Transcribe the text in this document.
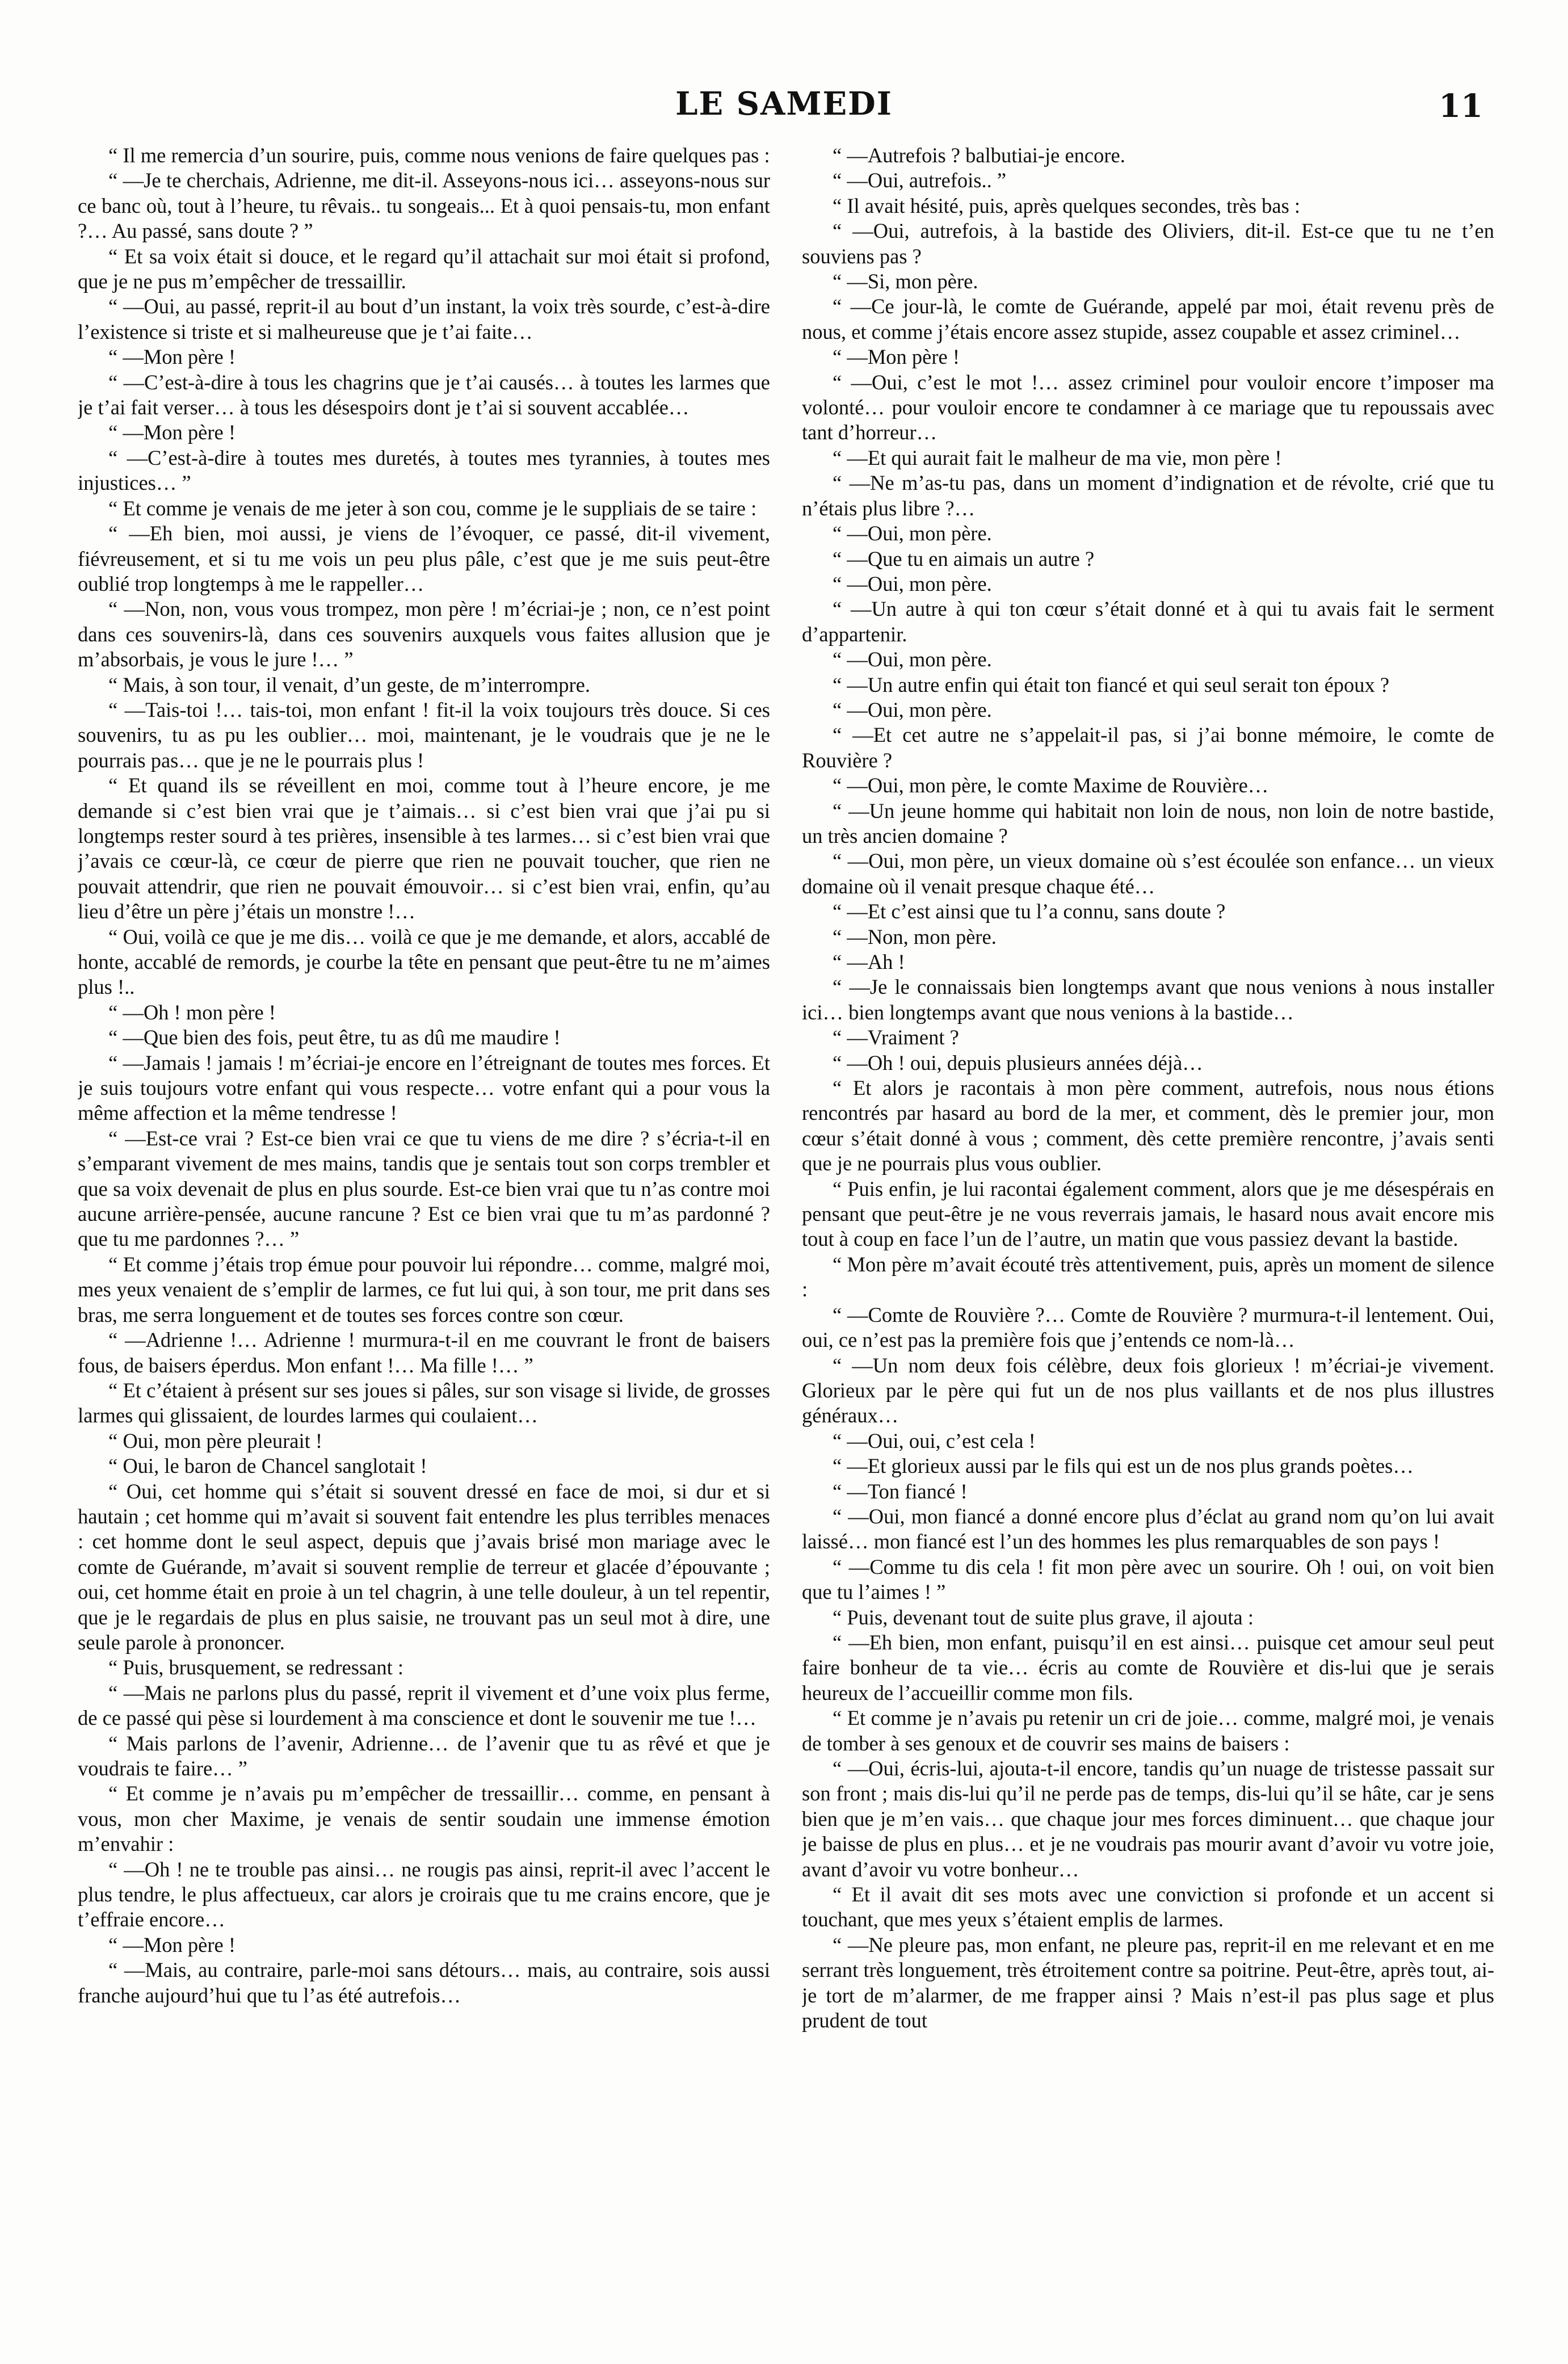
LE SAMEDI	11

“ Il me remercia d’un sourire, puis, comme nous venions de faire quelques pas :

“ —Je te cherchais, Adrienne, me dit-il. Asseyons-nous ici… asseyons-nous sur ce banc où, tout à l’heure, tu rêvais.. tu songeais... Et à quoi pensais-tu, mon enfant ?… Au passé, sans doute ? ”

“ Et sa voix était si douce, et le regard qu’il attachait sur moi était si profond, que je ne pus m’empêcher de tressaillir.

“ —Oui, au passé, reprit-il au bout d’un instant, la voix très sourde, c’est-à-dire l’existence si triste et si malheureuse que je t’ai faite…

“ —Mon père !

“ —C’est-à-dire à tous les chagrins que je t’ai causés… à toutes les larmes que je t’ai fait verser… à tous les désespoirs dont je t’ai si souvent accablée…

“ —Mon père !

“ —C’est-à-dire à toutes mes duretés, à toutes mes tyrannies, à toutes mes injustices… ”

“ Et comme je venais de me jeter à son cou, comme je le suppliais de se taire :

“ —Eh bien, moi aussi, je viens de l’évoquer, ce passé, dit-il vivement, fiévreusement, et si tu me vois un peu plus pâle, c’est que je me suis peut-être oublié trop longtemps à me le rappeller…

“ —Non, non, vous vous trompez, mon père ! m’écriai-je ; non, ce n’est point dans ces souvenirs-là, dans ces souvenirs auxquels vous faites allusion que je m’absorbais, je vous le jure !… ”

“ Mais, à son tour, il venait, d’un geste, de m’interrompre.

“ —Tais-toi !… tais-toi, mon enfant ! fit-il la voix toujours très douce. Si ces souvenirs, tu as pu les oublier… moi, maintenant, je le voudrais que je ne le pourrais pas… que je ne le pourrais plus !

“ Et quand ils se réveillent en moi, comme tout à l’heure encore, je me demande si c’est bien vrai que je t’aimais… si c’est bien vrai que j’ai pu si longtemps rester sourd à tes prières, insensible à tes larmes… si c’est bien vrai que j’avais ce cœur-là, ce cœur de pierre que rien ne pouvait toucher, que rien ne pouvait attendrir, que rien ne pouvait émouvoir… si c’est bien vrai, enfin, qu’au lieu d’être un père j’étais un monstre !…

“ Oui, voilà ce que je me dis… voilà ce que je me demande, et alors, accablé de honte, accablé de remords, je courbe la tête en pensant que peut-être tu ne m’aimes plus !..

“ —Oh ! mon père !

“ —Que bien des fois, peut être, tu as dû me maudire !

“ —Jamais ! jamais ! m’écriai-je encore en l’étreignant de toutes mes forces. Et je suis toujours votre enfant qui vous respecte… votre enfant qui a pour vous la même affection et la même tendresse !

“ —Est-ce vrai ? Est-ce bien vrai ce que tu viens de me dire ? s’écria-t-il en s’emparant vivement de mes mains, tandis que je sentais tout son corps trembler et que sa voix devenait de plus en plus sourde. Est-ce bien vrai que tu n’as contre moi aucune arrière-pensée, aucune rancune ? Est ce bien vrai que tu m’as pardonné ? que tu me pardonnes ?… ”

“ Et comme j’étais trop émue pour pouvoir lui répondre… comme, malgré moi, mes yeux venaient de s’emplir de larmes, ce fut lui qui, à son tour, me prit dans ses bras, me serra longuement et de toutes ses forces contre son cœur.

“ —Adrienne !… Adrienne ! murmura-t-il en me couvrant le front de baisers fous, de baisers éperdus. Mon enfant !… Ma fille !… ”

“ Et c’étaient à présent sur ses joues si pâles, sur son visage si livide, de grosses larmes qui glissaient, de lourdes larmes qui coulaient…

“ Oui, mon père pleurait !

“ Oui, le baron de Chancel sanglotait !

“ Oui, cet homme qui s’était si souvent dressé en face de moi, si dur et si hautain ; cet homme qui m’avait si souvent fait entendre les plus terribles menaces : cet homme dont le seul aspect, depuis que j’avais brisé mon mariage avec le comte de Guérande, m’avait si souvent remplie de terreur et glacée d’épouvante ; oui, cet homme était en proie à un tel chagrin, à une telle douleur, à un tel repentir, que je le regardais de plus en plus saisie, ne trouvant pas un seul mot à dire, une seule parole à prononcer.

“ Puis, brusquement, se redressant :

“ —Mais ne parlons plus du passé, reprit il vivement et d’une voix plus ferme, de ce passé qui pèse si lourdement à ma conscience et dont le souvenir me tue !…

“ Mais parlons de l’avenir, Adrienne… de l’avenir que tu as rêvé et que je voudrais te faire… ”

“ Et comme je n’avais pu m’empêcher de tressaillir… comme, en pensant à vous, mon cher Maxime, je venais de sentir soudain une immense émotion m’envahir :

“ —Oh ! ne te trouble pas ainsi… ne rougis pas ainsi, reprit-il avec l’accent le plus tendre, le plus affectueux, car alors je croirais que tu me crains encore, que je t’effraie encore…

“ —Mon père !

“ —Mais, au contraire, parle-moi sans détours… mais, au contraire, sois aussi franche aujourd’hui que tu l’as été autrefois…

“ —Autrefois ? balbutiai-je encore.

“ —Oui, autrefois.. ”

“ Il avait hésité, puis, après quelques secondes, très bas :

“ —Oui, autrefois, à la bastide des Oliviers, dit-il. Est-ce que tu ne t’en souviens pas ?

“ —Si, mon père.

“ —Ce jour-là, le comte de Guérande, appelé par moi, était revenu près de nous, et comme j’étais encore assez stupide, assez coupable et assez criminel…

“ —Mon père !

“ —Oui, c’est le mot !… assez criminel pour vouloir encore t’imposer ma volonté… pour vouloir encore te condamner à ce mariage que tu repoussais avec tant d’horreur…

“ —Et qui aurait fait le malheur de ma vie, mon père !

“ —Ne m’as-tu pas, dans un moment d’indignation et de révolte, crié que tu n’étais plus libre ?…

“ —Oui, mon père.

“ —Que tu en aimais un autre ?

“ —Oui, mon père.

“ —Un autre à qui ton cœur s’était donné et à qui tu avais fait le serment d’appartenir.

“ —Oui, mon père.

“ —Un autre enfin qui était ton fiancé et qui seul serait ton époux ?

“ —Oui, mon père.

“ —Et cet autre ne s’appelait-il pas, si j’ai bonne mémoire, le comte de Rouvière ?

“ —Oui, mon père, le comte Maxime de Rouvière…

“ —Un jeune homme qui habitait non loin de nous, non loin de notre bastide, un très ancien domaine ?

“ —Oui, mon père, un vieux domaine où s’est écoulée son enfance… un vieux domaine où il venait presque chaque été…

“ —Et c’est ainsi que tu l’a connu, sans doute ?

“ —Non, mon père.

“ —Ah !

“ —Je le connaissais bien longtemps avant que nous venions à nous installer ici… bien longtemps avant que nous venions à la bastide…

“ —Vraiment ?

“ —Oh ! oui, depuis plusieurs années déjà…

“ Et alors je racontais à mon père comment, autrefois, nous nous étions rencontrés par hasard au bord de la mer, et comment, dès le premier jour, mon cœur s’était donné à vous ; comment, dès cette première rencontre, j’avais senti que je ne pourrais plus vous oublier.

“ Puis enfin, je lui racontai également comment, alors que je me désespérais en pensant que peut-être je ne vous reverrais jamais, le hasard nous avait encore mis tout à coup en face l’un de l’autre, un matin que vous passiez devant la bastide.

“ Mon père m’avait écouté très attentivement, puis, après un moment de silence :

“ —Comte de Rouvière ?… Comte de Rouvière ? murmura-t-il lentement. Oui, oui, ce n’est pas la première fois que j’entends ce nom-là…

“ —Un nom deux fois célèbre, deux fois glorieux ! m’écriai-je vivement. Glorieux par le père qui fut un de nos plus vaillants et de nos plus illustres généraux…

“ —Oui, oui, c’est cela !

“ —Et glorieux aussi par le fils qui est un de nos plus grands poètes…

“ —Ton fiancé !

“ —Oui, mon fiancé a donné encore plus d’éclat au grand nom qu’on lui avait laissé… mon fiancé est l’un des hommes les plus remarquables de son pays !

“ —Comme tu dis cela ! fit mon père avec un sourire. Oh ! oui, on voit bien que tu l’aimes ! ”

“ Puis, devenant tout de suite plus grave, il ajouta :

“ —Eh bien, mon enfant, puisqu’il en est ainsi… puisque cet amour seul peut faire bonheur de ta vie… écris au comte de Rouvière et dis-lui que je serais heureux de l’accueillir comme mon fils.

“ Et comme je n’avais pu retenir un cri de joie… comme, malgré moi, je venais de tomber à ses genoux et de couvrir ses mains de baisers :

“ —Oui, écris-lui, ajouta-t-il encore, tandis qu’un nuage de tristesse passait sur son front ; mais dis-lui qu’il ne perde pas de temps, dis-lui qu’il se hâte, car je sens bien que je m’en vais… que chaque jour mes forces diminuent… que chaque jour je baisse de plus en plus… et je ne voudrais pas mourir avant d’avoir vu votre joie, avant d’avoir vu votre bonheur…

“ Et il avait dit ses mots avec une conviction si profonde et un accent si touchant, que mes yeux s’étaient emplis de larmes.

“ —Ne pleure pas, mon enfant, ne pleure pas, reprit-il en me relevant et en me serrant très longuement, très étroitement contre sa poitrine. Peut-être, après tout, ai-je tort de m’alarmer, de me frapper ainsi ? Mais n’est-il pas plus sage et plus prudent de tout
